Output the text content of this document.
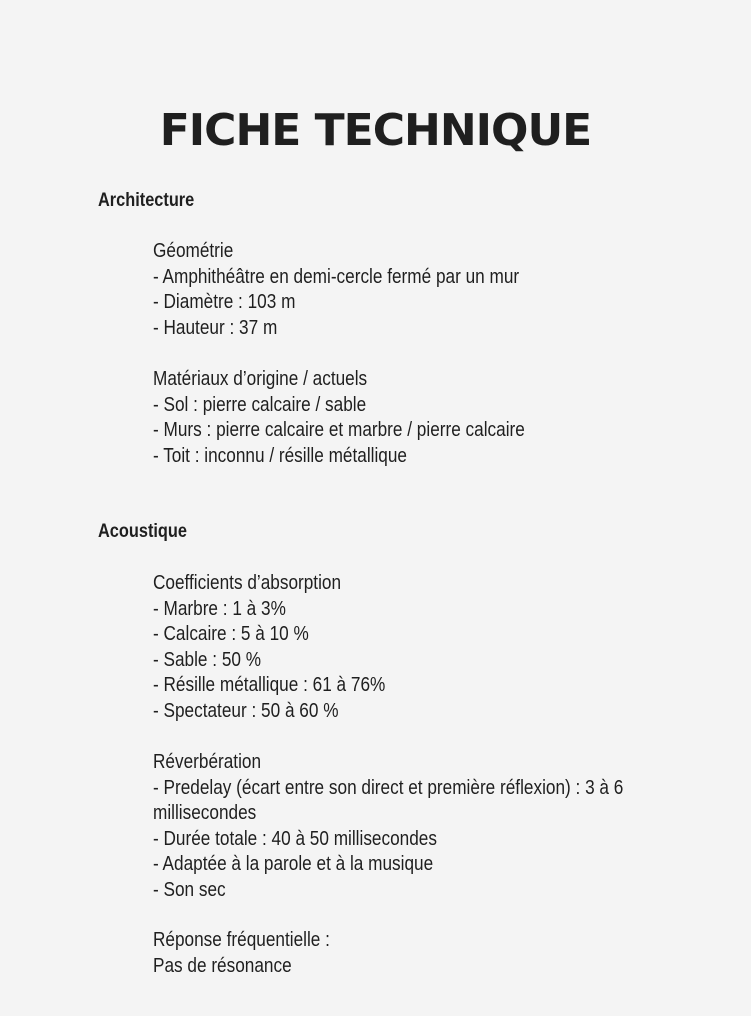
FICHE TECHNIQUE
Architecture
Géométrie
- Amphithéâtre en demi-cercle fermé par un mur
- Diamètre : 103 m
- Hauteur : 37 m
Matériaux d’origine / actuels
- Sol : pierre calcaire / sable
- Murs : pierre calcaire et marbre / pierre calcaire
- Toit : inconnu / résille métallique
Acoustique
Coefficients d’absorption
- Marbre : 1 à 3%
- Calcaire : 5 à 10 %
- Sable : 50 %
- Résille métallique : 61 à 76%
- Spectateur : 50 à 60 %
Réverbération
- Predelay (écart entre son direct et première réflexion) : 3 à 6
millisecondes
- Durée totale : 40 à 50 millisecondes
- Adaptée à la parole et à la musique
- Son sec
Réponse fréquentielle :
Pas de résonance
